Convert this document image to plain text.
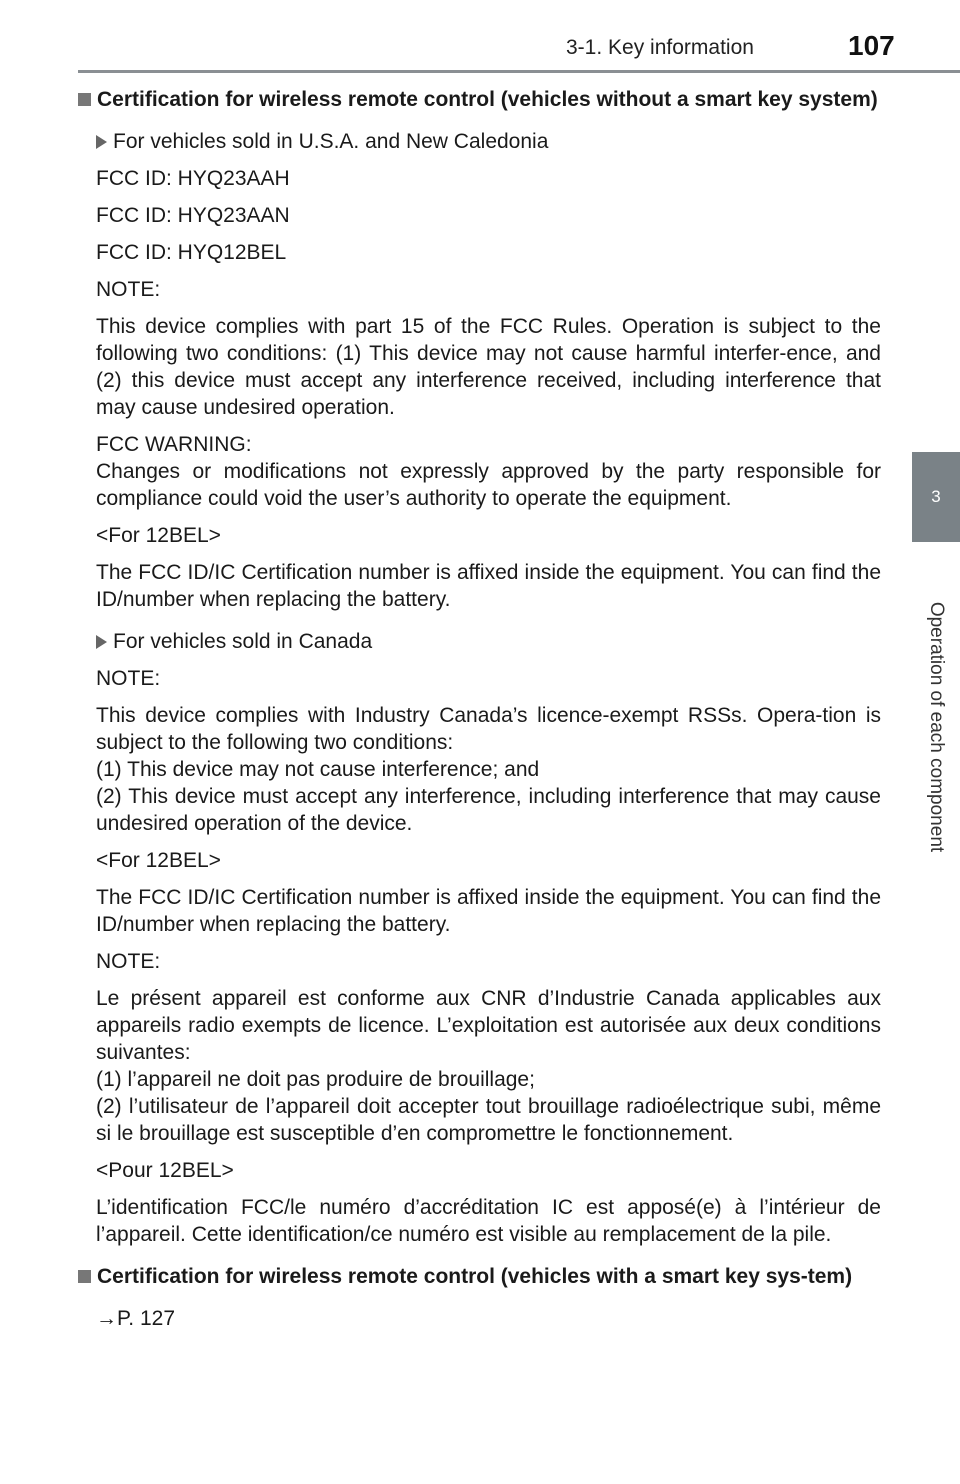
3-1. Key information	107
3
Operation of each component
Certification for wireless remote control (vehicles without a smart key system)

For vehicles sold in U.S.A. and New Caledonia

FCC ID: HYQ23AAH

FCC ID: HYQ23AAN

FCC ID: HYQ12BEL

NOTE:

This device complies with part 15 of the FCC Rules. Operation is subject to the following two conditions: (1) This device may not cause harmful interfer-ence, and (2) this device must accept any interference received, including interference that may cause undesired operation.

FCC WARNING:
Changes or modifications not expressly approved by the party responsible for compliance could void the user’s authority to operate the equipment.

<For 12BEL>

The FCC ID/IC Certification number is affixed inside the equipment. You can find the ID/number when replacing the battery.

For vehicles sold in Canada

NOTE:

This device complies with Industry Canada’s licence-exempt RSSs. Opera-tion is subject to the following two conditions:
(1) This device may not cause interference; and
(2) This device must accept any interference, including interference that may cause undesired operation of the device.

<For 12BEL>

The FCC ID/IC Certification number is affixed inside the equipment. You can find the ID/number when replacing the battery.

NOTE:

Le présent appareil est conforme aux CNR d’Industrie Canada applicables aux appareils radio exempts de licence. L’exploitation est autorisée aux deux conditions suivantes:
(1) l’appareil ne doit pas produire de brouillage;
(2) l’utilisateur de l’appareil doit accepter tout brouillage radioélectrique subi, même si le brouillage est susceptible d’en compromettre le fonctionnement.

<Pour 12BEL>

L’identification FCC/le numéro d’accréditation IC est apposé(e) à l’intérieur de l’appareil. Cette identification/ce numéro est visible au remplacement de la pile.

Certification for wireless remote control (vehicles with a smart key sys-tem)

→P. 127
